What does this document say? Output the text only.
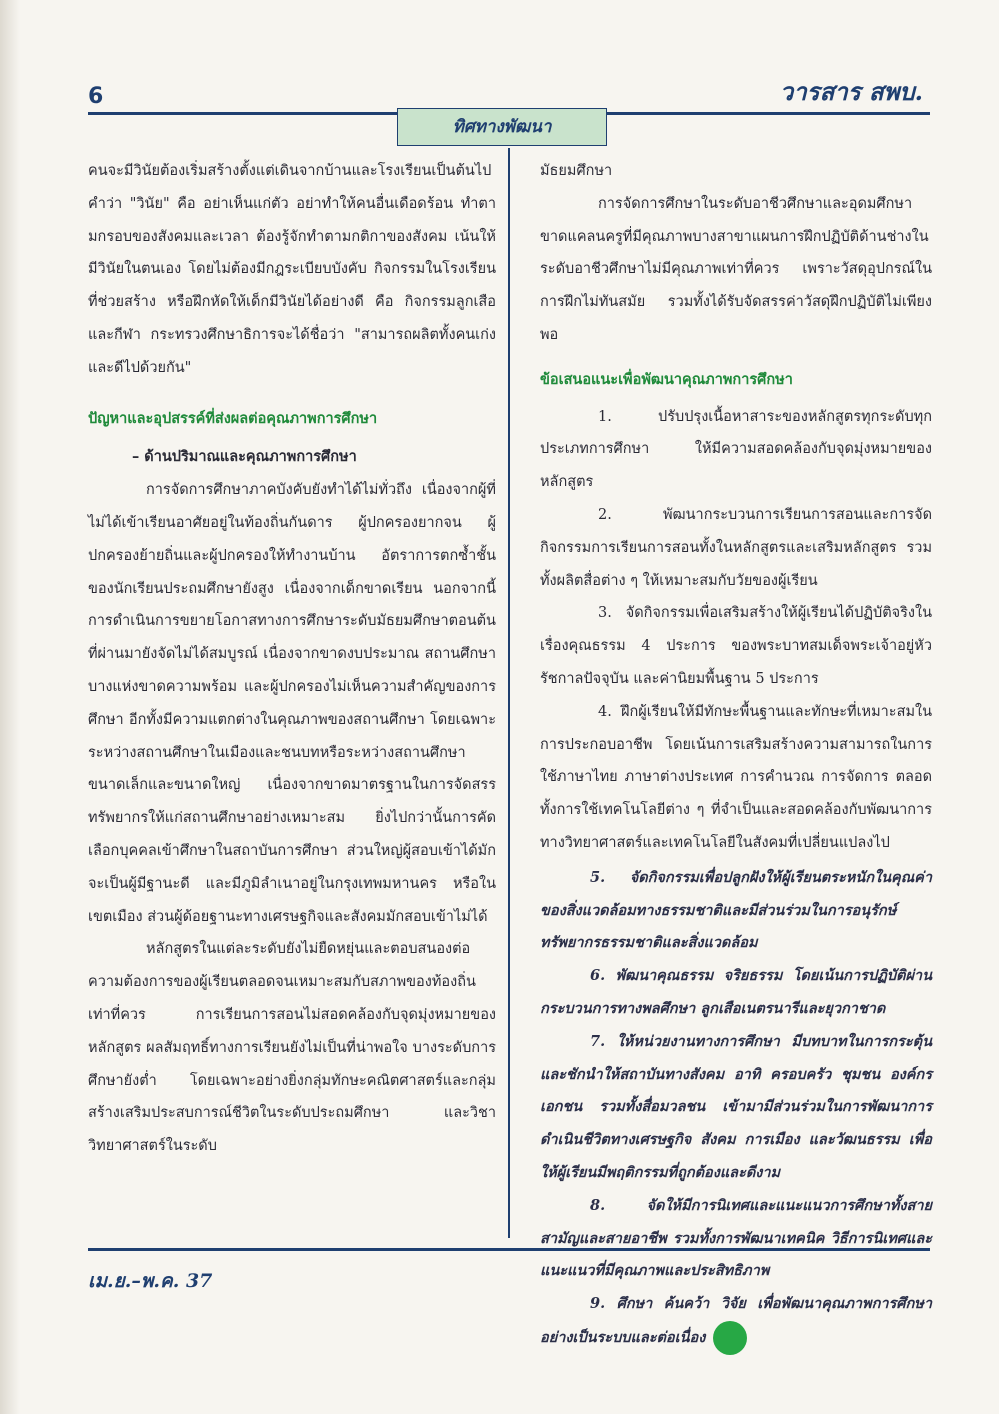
6	วารสาร สพบ.
ทิศทางพัฒนา

คนจะมีวินัยต้องเริ่มสร้างตั้งแต่เดินจากบ้านและโรงเรียนเป็นต้นไป คำว่า "วินัย" คือ อย่าเห็นแก่ตัว อย่าทำให้คนอื่นเดือดร้อน ทำตามกรอบของสังคมและเวลา ต้องรู้จักทำตามกติกาของสังคม เน้นให้มีวินัยในตนเอง โดยไม่ต้องมีกฎระเบียบบังคับ กิจกรรมในโรงเรียนที่ช่วยสร้าง หรือฝึกหัดให้เด็กมีวินัยได้อย่างดี คือ กิจกรรมลูกเสือ และกีฬา กระทรวงศึกษาธิการจะได้ชื่อว่า "สามารถผลิตทั้งคนเก่งและดีไปด้วยกัน"

ปัญหาและอุปสรรค์ที่ส่งผลต่อคุณภาพการศึกษา

– ด้านปริมาณและคุณภาพการศึกษา

การจัดการศึกษาภาคบังคับยังทำได้ไม่ทั่วถึง เนื่องจากผู้ที่ไม่ได้เข้าเรียนอาศัยอยู่ในท้องถิ่นกันดาร ผู้ปกครองยากจน ผู้ปกครองย้ายถิ่นและผู้ปกครองให้ทำงานบ้าน อัตราการตกซ้ำชั้นของนักเรียนประถมศึกษายังสูง เนื่องจากเด็กขาดเรียน นอกจากนี้การดำเนินการขยายโอกาสทางการศึกษาระดับมัธยมศึกษาตอนต้นที่ผ่านมายังจัดไม่ได้สมบูรณ์ เนื่องจากขาดงบประมาณ สถานศึกษาบางแห่งขาดความพร้อม และผู้ปกครองไม่เห็นความสำคัญของการศึกษา อีกทั้งมีความแตกต่างในคุณภาพของสถานศึกษา โดยเฉพาะระหว่างสถานศึกษาในเมืองและชนบทหรือระหว่างสถานศึกษาขนาดเล็กและขนาดใหญ่ เนื่องจากขาดมาตรฐานในการจัดสรรทรัพยากรให้แก่สถานศึกษาอย่างเหมาะสม ยิ่งไปกว่านั้นการคัดเลือกบุคคลเข้าศึกษาในสถาบันการศึกษา ส่วนใหญ่ผู้สอบเข้าได้มักจะเป็นผู้มีฐานะดี และมีภูมิลำเนาอยู่ในกรุงเทพมหานคร หรือในเขตเมือง ส่วนผู้ด้อยฐานะทางเศรษฐกิจและสังคมมักสอบเข้าไม่ได้

หลักสูตรในแต่ละระดับยังไม่ยืดหยุ่นและตอบสนองต่อความต้องการของผู้เรียนตลอดจนเหมาะสมกับสภาพของท้องถิ่นเท่าที่ควร การเรียนการสอนไม่สอดคล้องกับจุดมุ่งหมายของหลักสูตร ผลสัมฤทธิ์ทางการเรียนยังไม่เป็นที่น่าพอใจ บางระดับการศึกษายังต่ำ โดยเฉพาะอย่างยิ่งกลุ่มทักษะคณิตศาสตร์และกลุ่มสร้างเสริมประสบการณ์ชีวิตในระดับประถมศึกษา และวิชาวิทยาศาสตร์ในระดับ

มัธยมศึกษา

การจัดการศึกษาในระดับอาชีวศึกษาและอุดมศึกษาขาดแคลนครูที่มีคุณภาพบางสาขาแผนการฝึกปฏิบัติด้านช่างในระดับอาชีวศึกษาไม่มีคุณภาพเท่าที่ควร เพราะวัสดุอุปกรณ์ในการฝึกไม่ทันสมัย รวมทั้งได้รับจัดสรรค่าวัสดุฝึกปฏิบัติไม่เพียงพอ

ข้อเสนอแนะเพื่อพัฒนาคุณภาพการศึกษา

1. ปรับปรุงเนื้อหาสาระของหลักสูตรทุกระดับทุกประเภทการศึกษา ให้มีความสอดคล้องกับจุดมุ่งหมายของหลักสูตร

2. พัฒนากระบวนการเรียนการสอนและการจัดกิจกรรมการเรียนการสอนทั้งในหลักสูตรและเสริมหลักสูตร รวมทั้งผลิตสื่อต่าง ๆ ให้เหมาะสมกับวัยของผู้เรียน

3. จัดกิจกรรมเพื่อเสริมสร้างให้ผู้เรียนได้ปฏิบัติจริงในเรื่องคุณธรรม 4 ประการ ของพระบาทสมเด็จพระเจ้าอยู่หัวรัชกาลปัจจุบัน และค่านิยมพื้นฐาน 5 ประการ

4. ฝึกผู้เรียนให้มีทักษะพื้นฐานและทักษะที่เหมาะสมในการประกอบอาชีพ โดยเน้นการเสริมสร้างความสามารถในการใช้ภาษาไทย ภาษาต่างประเทศ การคำนวณ การจัดการ ตลอดทั้งการใช้เทคโนโลยีต่าง ๆ ที่จำเป็นและสอดคล้องกับพัฒนาการทางวิทยาศาสตร์และเทคโนโลยีในสังคมที่เปลี่ยนแปลงไป

5. จัดกิจกรรมเพื่อปลูกฝังให้ผู้เรียนตระหนักในคุณค่าของสิ่งแวดล้อมทางธรรมชาติและมีส่วนร่วมในการอนุรักษ์ทรัพยากรธรรมชาติและสิ่งแวดล้อม

6. พัฒนาคุณธรรม จริยธรรม โดยเน้นการปฏิบัติผ่านกระบวนการทางพลศึกษา ลูกเสือเนตรนารีและยุวกาชาด

7. ให้หน่วยงานทางการศึกษา มีบทบาทในการกระตุ้นและชักนำให้สถาบันทางสังคม อาทิ ครอบครัว ชุมชน องค์กรเอกชน รวมทั้งสื่อมวลชน เข้ามามีส่วนร่วมในการพัฒนาการดำเนินชีวิตทางเศรษฐกิจ สังคม การเมือง และวัฒนธรรม เพื่อให้ผู้เรียนมีพฤติกรรมที่ถูกต้องและดีงาม

8. จัดให้มีการนิเทศและแนะแนวการศึกษาทั้งสายสามัญและสายอาชีพ รวมทั้งการพัฒนาเทคนิค วิธีการนิเทศและแนะแนวที่มีคุณภาพและประสิทธิภาพ

9. ศึกษา ค้นคว้า วิจัย เพื่อพัฒนาคุณภาพการศึกษาอย่างเป็นระบบและต่อเนื่อง

เม.ย.–พ.ค. 37
